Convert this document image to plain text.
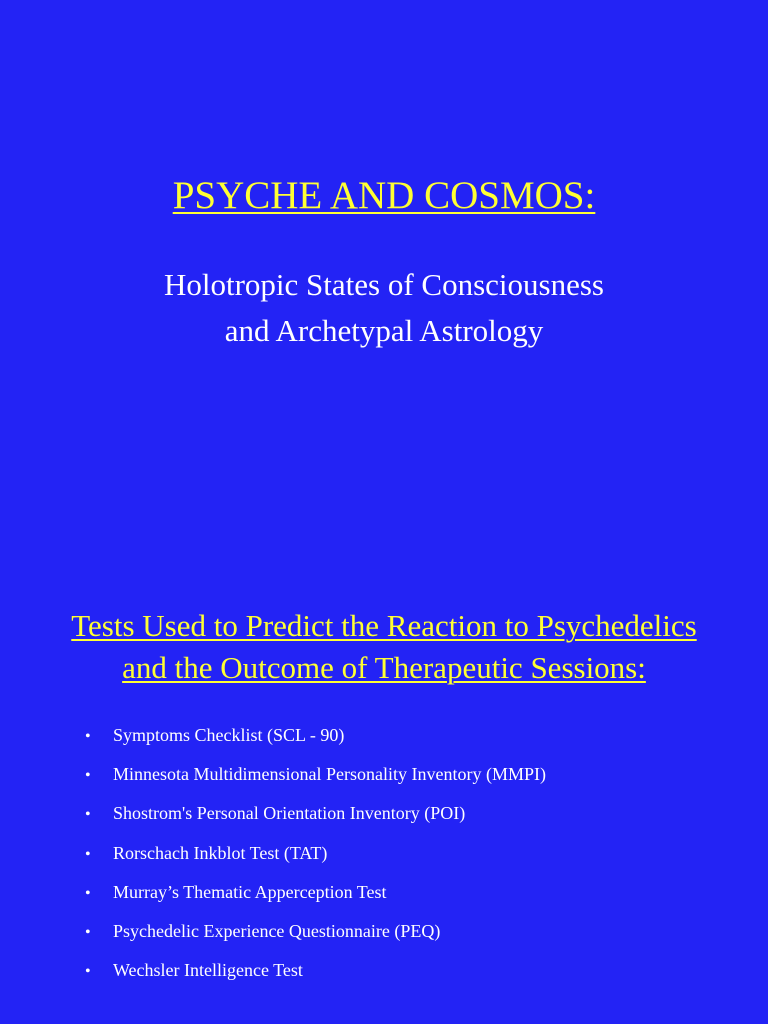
PSYCHE AND COSMOS:
Holotropic States of Consciousness
and Archetypal Astrology
Tests Used to Predict the Reaction to Psychedelics
and the Outcome of Therapeutic Sessions:
• Symptoms Checklist (SCL - 90)
• Minnesota Multidimensional Personality Inventory (MMPI)
• Shostrom's Personal Orientation Inventory (POI)
• Rorschach Inkblot Test (TAT)
• Murray’s Thematic Apperception Test
• Psychedelic Experience Questionnaire (PEQ)
• Wechsler Intelligence Test
